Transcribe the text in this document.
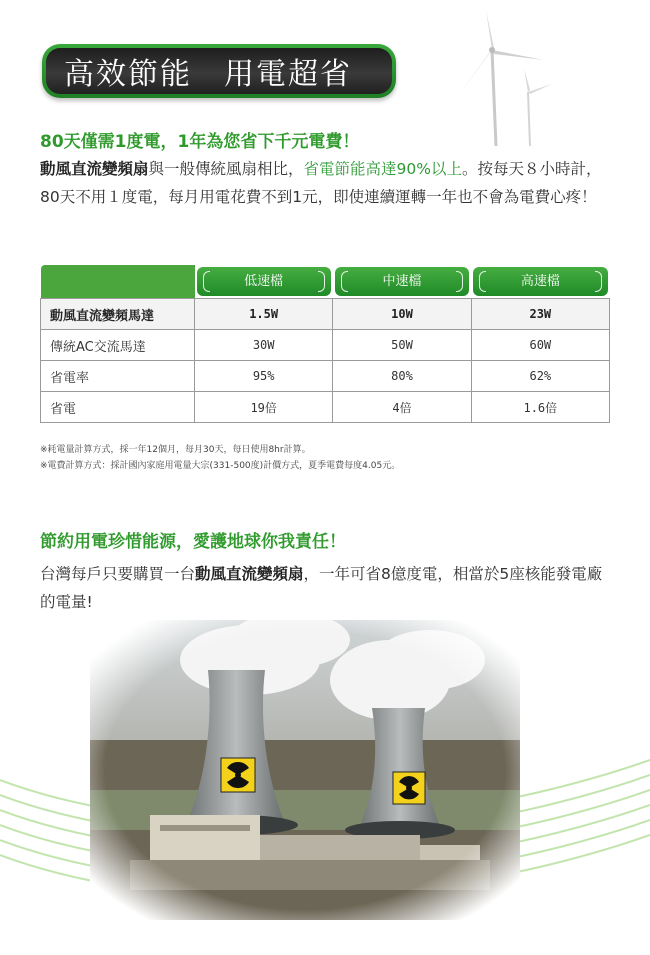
高效節能　用電超省
80天僅需1度電，1年為您省下千元電費！
動風直流變頻扇與一般傳統風扇相比，省電節能高達90%以上。按每天８小時計，80天不用１度電，每月用電花費不到1元，即使連續運轉一年也不會為電費心疼！

	低速檔	中速檔	高速檔

動風直流變頻馬達	1.5W	10W	23W
傳統AC交流馬達	30W	50W	60W
省電率	95%	80%	62%
省電	19倍	4倍	1.6倍
※耗電量計算方式，採一年12個月，每月30天，每日使用8hr計算。
※電費計算方式：採計國內家庭用電量大宗(331-500度)計價方式，夏季電費每度4.05元。
節約用電珍惜能源，愛護地球你我責任！
台灣每戶只要購買一台動風直流變頻扇，一年可省8億度電，相當於5座核能發電廠的電量!
